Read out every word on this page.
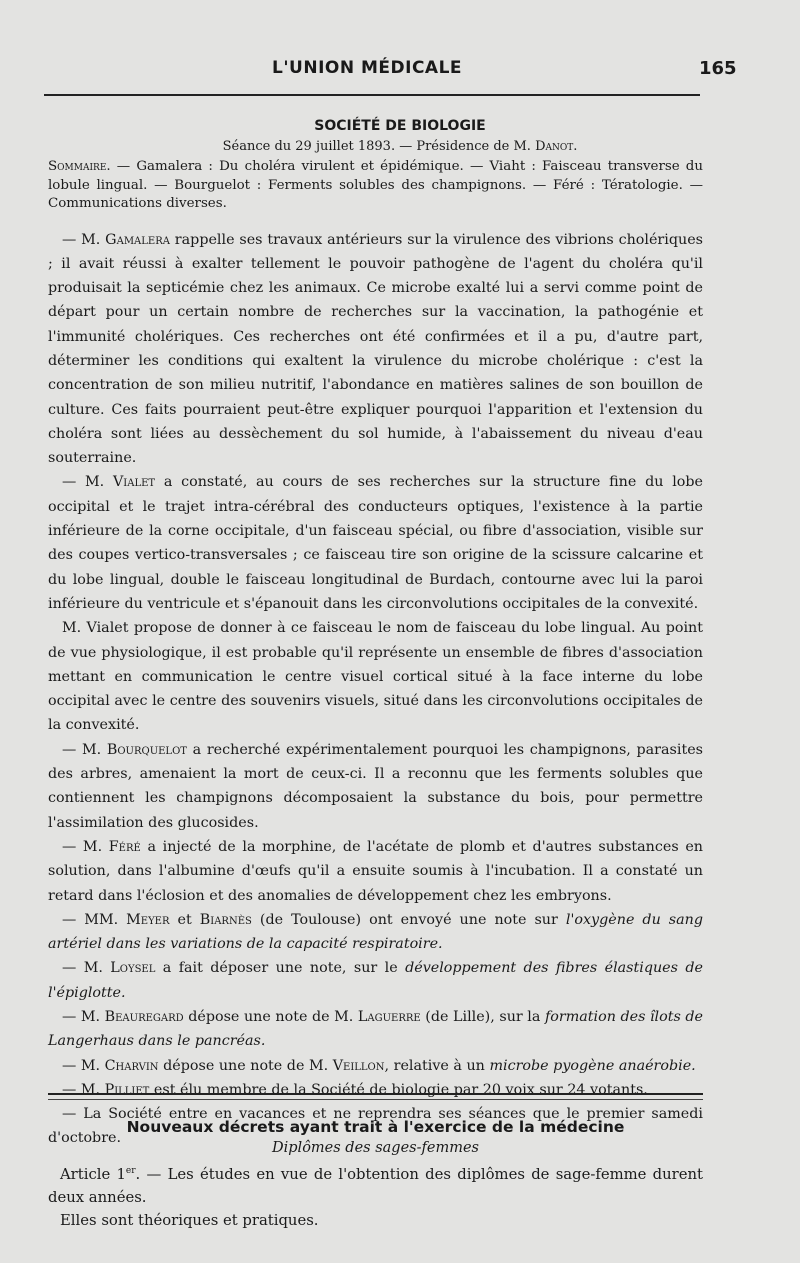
L'UNION MÉDICALE	165
SOCIÉTÉ DE BIOLOGIE
Séance du 29 juillet 1893. — Présidence de M. Danot.
Sommaire. — Gamalera : Du choléra virulent et épidémique. — Viaht : Faisceau transverse du lobule lingual. — Bourguelot : Ferments solubles des champignons. — Féré : Tératologie. — Communications diverses.

— M. Gamalera rappelle ses travaux antérieurs sur la virulence des vibrions cholériques ; il avait réussi à exalter tellement le pouvoir pathogène de l'agent du choléra qu'il produisait la septicémie chez les animaux. Ce microbe exalté lui a servi comme point de départ pour un certain nombre de recherches sur la vaccination, la pathogénie et l'immunité cholériques. Ces recherches ont été confirmées et il a pu, d'autre part, déterminer les conditions qui exaltent la virulence du microbe cholérique : c'est la concentration de son milieu nutritif, l'abondance en matières salines de son bouillon de culture. Ces faits pourraient peut-être expliquer pourquoi l'apparition et l'extension du choléra sont liées au dessèchement du sol humide, à l'abaissement du niveau d'eau souterraine.

— M. Vialet a constaté, au cours de ses recherches sur la structure fine du lobe occipital et le trajet intra-cérébral des conducteurs optiques, l'existence à la partie inférieure de la corne occipitale, d'un faisceau spécial, ou fibre d'association, visible sur des coupes vertico-transversales ; ce faisceau tire son origine de la scissure calcarine et du lobe lingual, double le faisceau longitudinal de Burdach, contourne avec lui la paroi inférieure du ventricule et s'épanouit dans les circonvolutions occipitales de la convexité.

M. Vialet propose de donner à ce faisceau le nom de faisceau du lobe lingual. Au point de vue physiologique, il est probable qu'il représente un ensemble de fibres d'association mettant en communication le centre visuel cortical situé à la face interne du lobe occipital avec le centre des souvenirs visuels, situé dans les circonvolutions occipitales de la convexité.

— M. Bourquelot a recherché expérimentalement pourquoi les champignons, parasites des arbres, amenaient la mort de ceux-ci. Il a reconnu que les ferments solubles que contiennent les champignons décomposaient la substance du bois, pour permettre l'assimilation des glucosides.

— M. Féré a injecté de la morphine, de l'acétate de plomb et d'autres substances en solution, dans l'albumine d'œufs qu'il a ensuite soumis à l'incubation. Il a constaté un retard dans l'éclosion et des anomalies de développement chez les embryons.

— MM. Meyer et Biarnès (de Toulouse) ont envoyé une note sur l'oxygène du sang artériel dans les variations de la capacité respiratoire.

— M. Loysel a fait déposer une note, sur le développement des fibres élastiques de l'épiglotte.

— M. Beauregard dépose une note de M. Laguerre (de Lille), sur la formation des îlots de Langerhaus dans le pancréas.

— M. Charvin dépose une note de M. Veillon, relative à un microbe pyogène anaérobie.

— M. Pilliet est élu membre de la Société de biologie par 20 voix sur 24 votants.

— La Société entre en vacances et ne reprendra ses séances que le premier samedi d'octobre.

Nouveaux décrets ayant trait à l'exercice de la médecine
Diplômes des sages-femmes

Article 1er. — Les études en vue de l'obtention des diplômes de sage-femme durent deux années.

Elles sont théoriques et pratiques.
